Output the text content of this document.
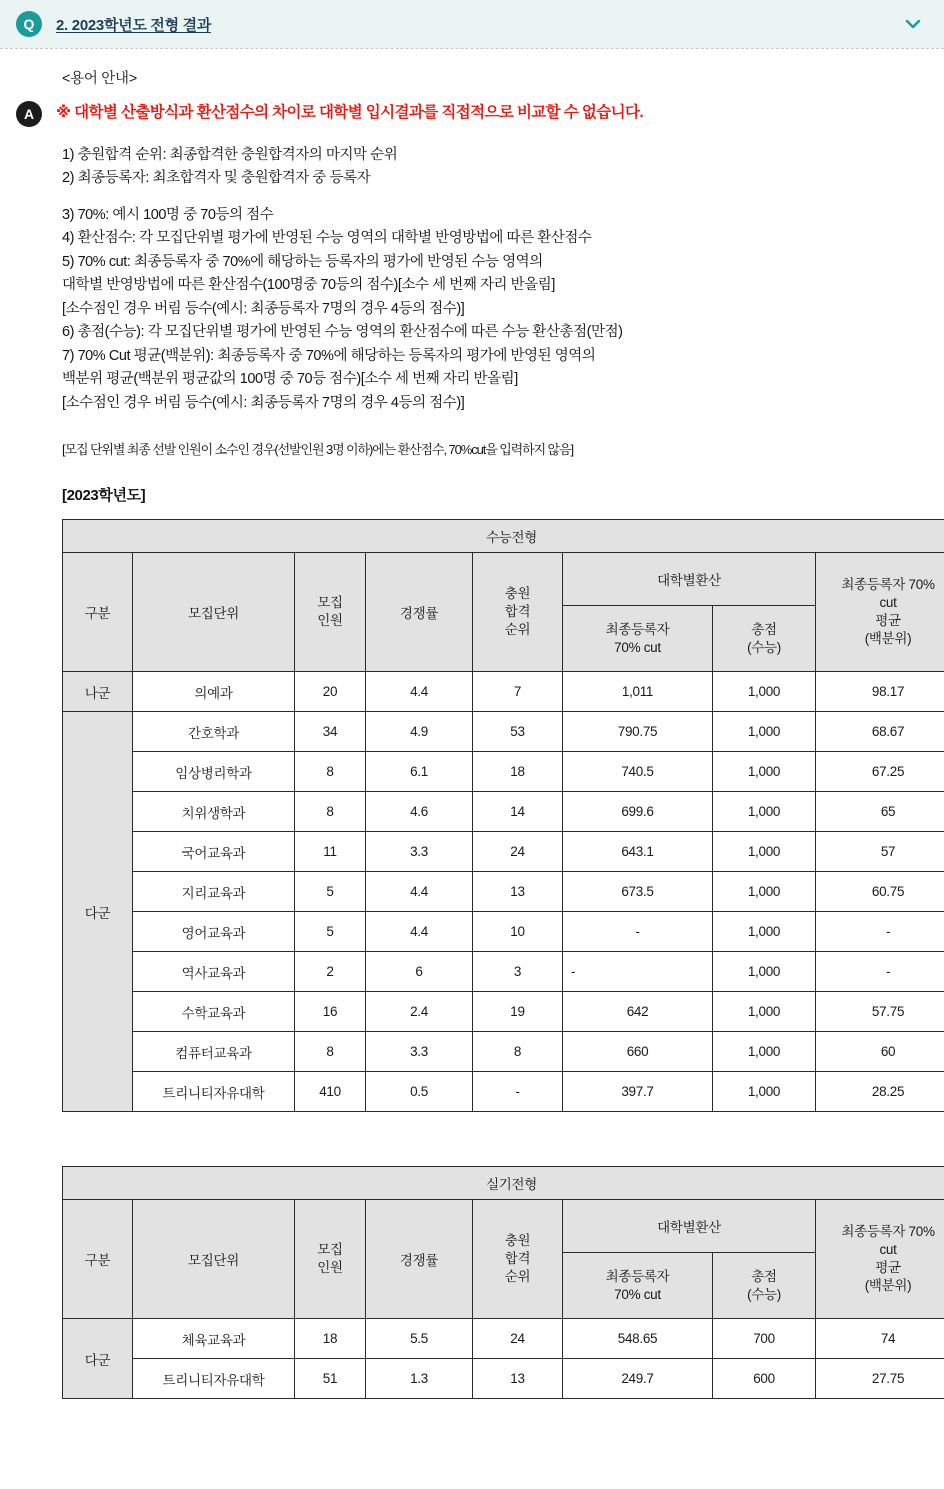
Q	2. 2023학년도 전형 결과
<용어 안내>
A	※ 대학별 산출방식과 환산점수의 차이로 대학별 입시결과를 직접적으로 비교할 수 없습니다.
1) 충원합격 순위: 최종합격한 충원합격자의 마지막 순위
2) 최종등록자: 최초합격자 및 충원합격자 중 등록자
3) 70%: 예시 100명 중 70등의 점수
4) 환산점수: 각 모집단위별 평가에 반영된 수능 영역의 대학별 반영방법에 따른 환산점수
5) 70% cut: 최종등록자 중 70%에 해당하는 등록자의 평가에 반영된 수능 영역의
대학별 반영방법에 따른 환산점수(100명중 70등의 점수)[소수 세 번째 자리 반올림]
[소수점인 경우 버림 등수(예시: 최종등록자 7명의 경우 4등의 점수)]
6) 총점(수능): 각 모집단위별 평가에 반영된 수능 영역의 환산점수에 따른 수능 환산총점(만점)
7) 70% Cut 평균(백분위): 최종등록자 중 70%에 해당하는 등록자의 평가에 반영된 영역의
백분위 평균(백분위 평균값의 100명 중 70등 점수)[소수 세 번째 자리 반올림]
[소수점인 경우 버림 등수(예시: 최종등록자 7명의 경우 4등의 점수)]
[모집 단위별 최종 선발 인원이 소수인 경우(선발인원 3명 이하)에는 환산점수, 70%cut을 입력하지 않음]
[2023학년도]
수능전형							
구분	모집단위	모집
인원	경쟁률	충원
합격
순위	대학별환산		최종등록자 70%
cut
평균
(백분위)
					최종등록자
70% cut	총점
(수능)	
나군	의예과	20	4.4	7	1,011	1,000	98.17
다군	간호학과	34	4.9	53	790.75	1,000	68.67
	임상병리학과	8	6.1	18	740.5	1,000	67.25
	치위생학과	8	4.6	14	699.6	1,000	65
	국어교육과	11	3.3	24	643.1	1,000	57
	지리교육과	5	4.4	13	673.5	1,000	60.75
	영어교육과	5	4.4	10	-	1,000	-
	역사교육과	2	6	3	-	1,000	-
	수학교육과	16	2.4	19	642	1,000	57.75
	컴퓨터교육과	8	3.3	8	660	1,000	60
	트리니티자유대학	410	0.5	-	397.7	1,000	28.25
실기전형							
구분	모집단위	모집
인원	경쟁률	충원
합격
순위	대학별환산		최종등록자 70%
cut
평균
(백분위)
					최종등록자
70% cut	총점
(수능)	
다군	체육교육과	18	5.5	24	548.65	700	74
	트리니티자유대학	51	1.3	13	249.7	600	27.75
